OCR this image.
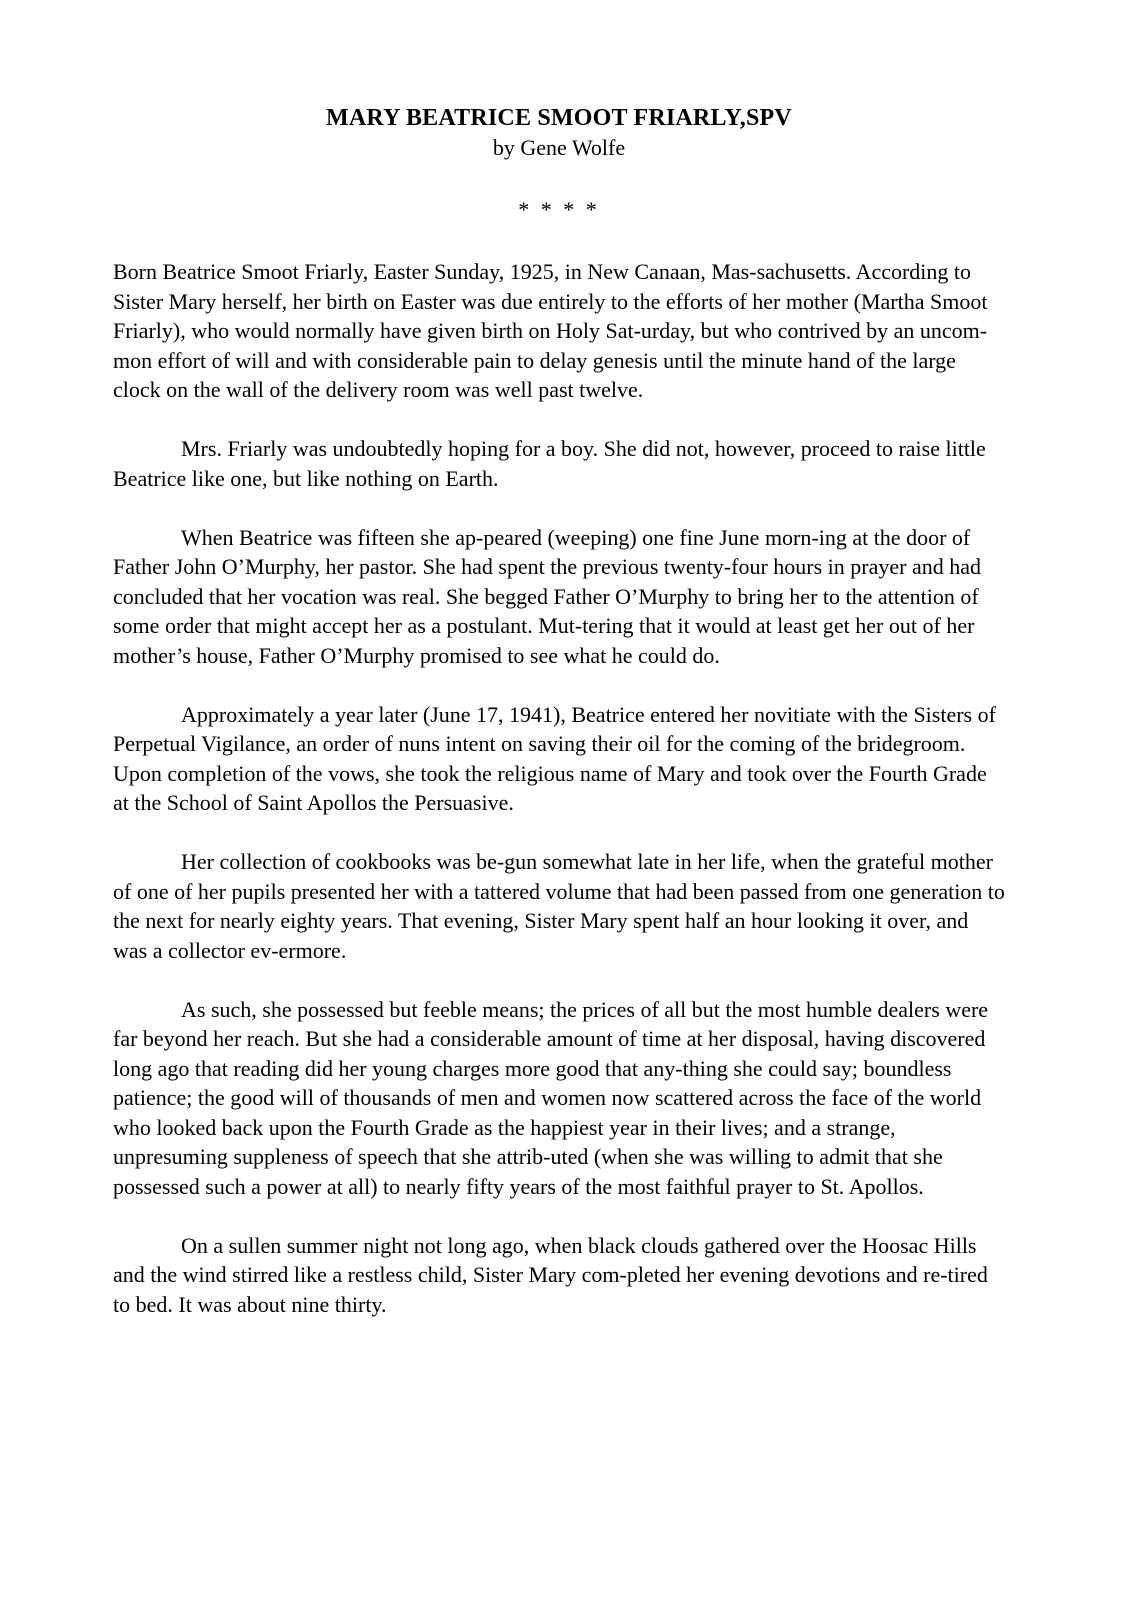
MARY BEATRICE SMOOT FRIARLY,SPV
by Gene Wolfe
* * * *

Born Beatrice Smoot Friarly, Easter Sunday, 1925, in New Canaan, Mas-sachusetts. According to Sister Mary herself, her birth on Easter was due entirely to the efforts of her mother (Martha Smoot Friarly), who would normally have given birth on Holy Sat-urday, but who contrived by an uncom-mon effort of will and with considerable pain to delay genesis until the minute hand of the large clock on the wall of the delivery room was well past twelve.

Mrs. Friarly was undoubtedly hoping for a boy. She did not, however, proceed to raise little Beatrice like one, but like nothing on Earth.

When Beatrice was fifteen she ap-peared (weeping) one fine June morn-ing at the door of Father John O’Murphy, her pastor. She had spent the previous twenty-four hours in prayer and had concluded that her vocation was real. She begged Father O’Murphy to bring her to the attention of some order that might accept her as a postulant. Mut-tering that it would at least get her out of her mother’s house, Father O’Murphy promised to see what he could do.

Approximately a year later (June 17, 1941), Beatrice entered her novitiate with the Sisters of Perpetual Vigilance, an order of nuns intent on saving their oil for the coming of the bridegroom. Upon completion of the vows, she took the religious name of Mary and took over the Fourth Grade at the School of Saint Apollos the Persuasive.

Her collection of cookbooks was be-gun somewhat late in her life, when the grateful mother of one of her pupils presented her with a tattered volume that had been passed from one generation to the next for nearly eighty years. That evening, Sister Mary spent half an hour looking it over, and was a collector ev-ermore.

As such, she possessed but feeble means; the prices of all but the most humble dealers were far beyond her reach. But she had a considerable amount of time at her disposal, having discovered long ago that reading did her young charges more good that any-thing she could say; boundless patience; the good will of thousands of men and women now scattered across the face of the world who looked back upon the Fourth Grade as the happiest year in their lives; and a strange, unpresuming suppleness of speech that she attrib-uted (when she was willing to admit that she possessed such a power at all) to nearly fifty years of the most faithful prayer to St. Apollos.

On a sullen summer night not long ago, when black clouds gathered over the Hoosac Hills and the wind stirred like a restless child, Sister Mary com-pleted her evening devotions and re-tired to bed. It was about nine thirty.
